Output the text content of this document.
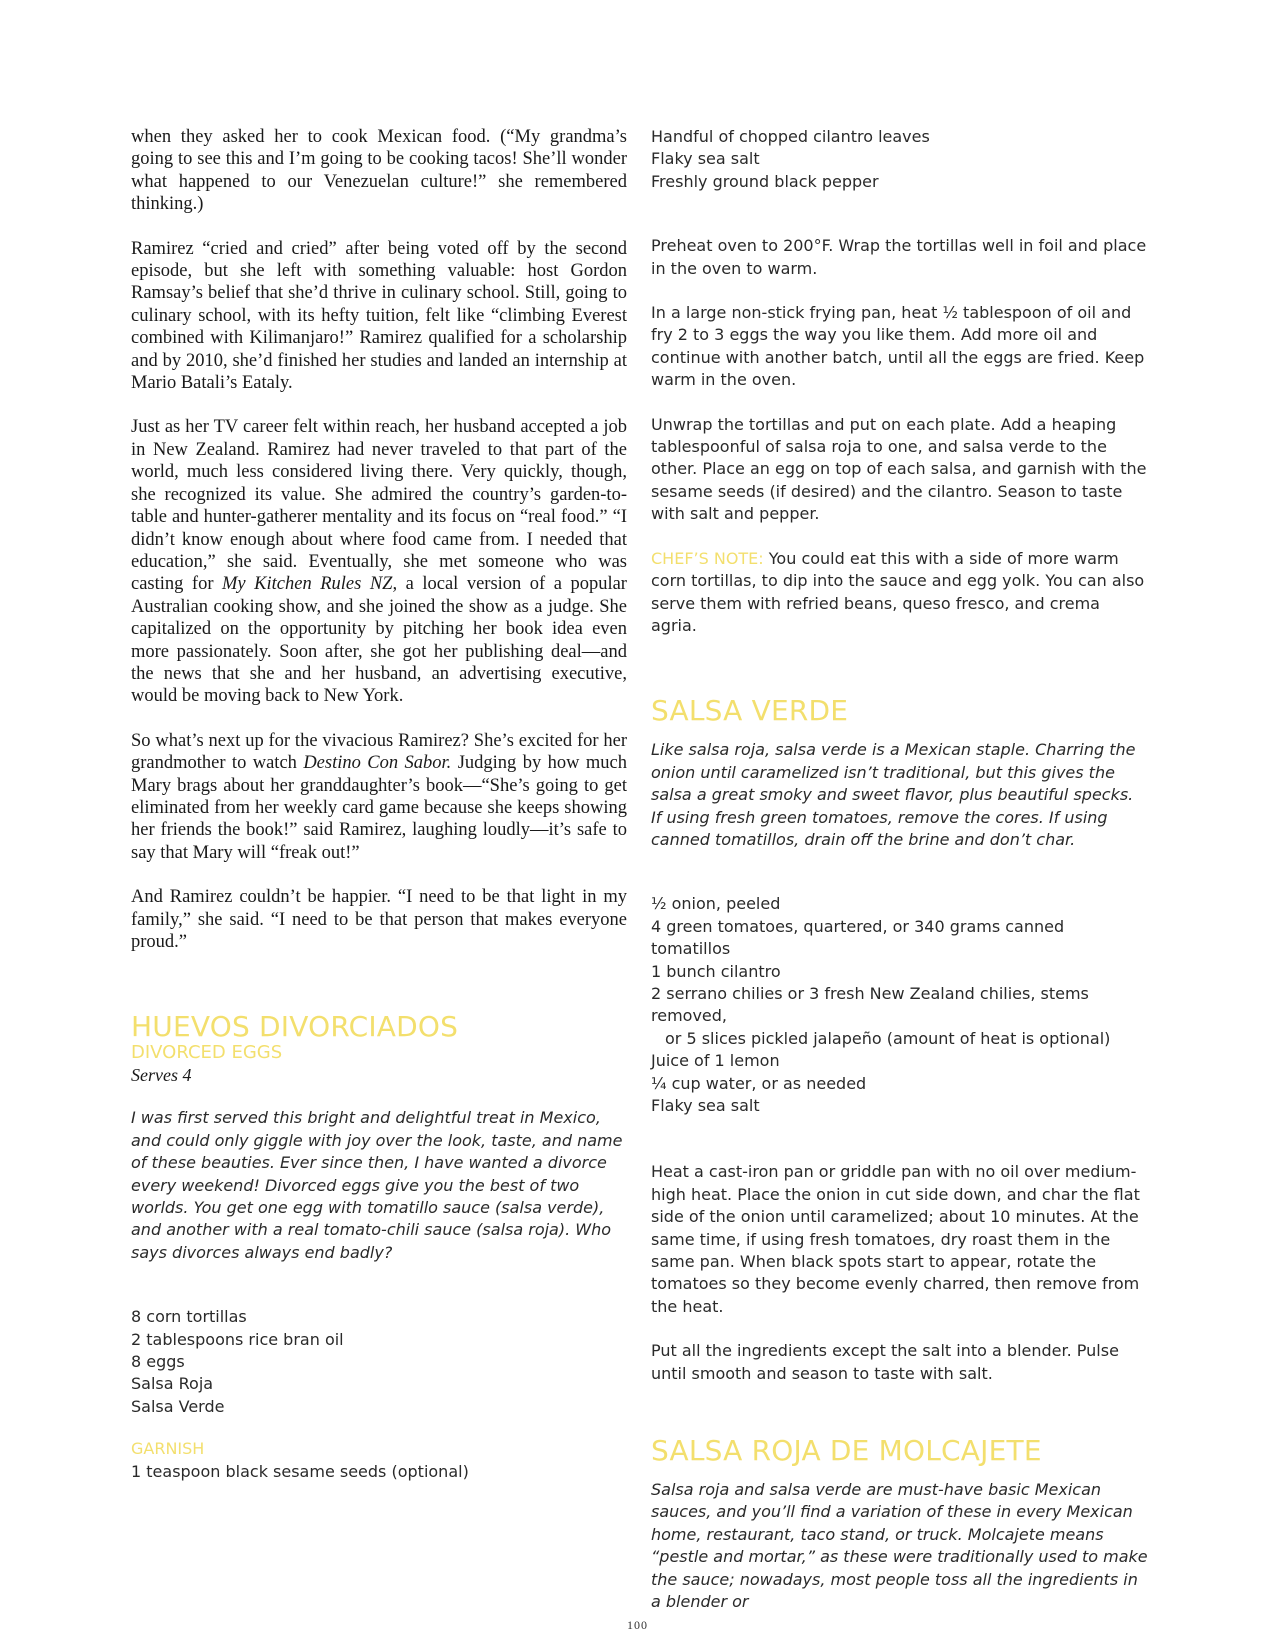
when they asked her to cook Mexican food. (“My grandma’s going to see this and I’m going to be cooking tacos! She’ll wonder what happened to our Venezuelan culture!” she remembered thinking.)

Ramirez “cried and cried” after being voted off by the second episode, but she left with something valuable: host Gordon Ramsay’s belief that she’d thrive in culinary school. Still, going to culinary school, with its hefty tuition, felt like “climbing Everest combined with Kilimanjaro!” Ramirez qualified for a scholarship and by 2010, she’d finished her studies and landed an internship at Mario Batali’s Eataly.

Just as her TV career felt within reach, her husband accepted a job in New Zealand. Ramirez had never traveled to that part of the world, much less considered living there. Very quickly, though, she recognized its value. She admired the country’s garden-to-table and hunter-gatherer mentality and its focus on “real food.” “I didn’t know enough about where food came from. I needed that education,” she said. Eventually, she met someone who was casting for My Kitchen Rules NZ, a local version of a popular Australian cooking show, and she joined the show as a judge. She capitalized on the opportunity by pitching her book idea even more passionately. Soon after, she got her publishing deal—and the news that she and her husband, an advertising executive, would be moving back to New York.

So what’s next up for the vivacious Ramirez? She’s excited for her grandmother to watch Destino Con Sabor. Judging by how much Mary brags about her granddaughter’s book—“She’s going to get eliminated from her weekly card game because she keeps showing her friends the book!” said Ramirez, laughing loudly—it’s safe to say that Mary will “freak out!”

And Ramirez couldn’t be happier. “I need to be that light in my family,” she said. “I need to be that person that makes everyone proud.”

HUEVOS DIVORCIADOS

DIVORCED EGGS

Serves 4

I was first served this bright and delightful treat in Mexico, and could only giggle with joy over the look, taste, and name of these beauties. Ever since then, I have wanted a divorce every weekend! Divorced eggs give you the best of two worlds. You get one egg with tomatillo sauce (salsa verde), and another with a real tomato-chili sauce (salsa roja). Who says divorces always end badly?

8 corn tortillas

2 tablespoons rice bran oil

8 eggs

Salsa Roja

Salsa Verde

GARNISH

1 teaspoon black sesame seeds (optional)

Handful of chopped cilantro leaves

Flaky sea salt

Freshly ground black pepper

Preheat oven to 200°F. Wrap the tortillas well in foil and place in the oven to warm.

In a large non-stick frying pan, heat ½ tablespoon of oil and fry 2 to 3 eggs the way you like them. Add more oil and continue with another batch, until all the eggs are fried. Keep warm in the oven.

Unwrap the tortillas and put on each plate. Add a heaping tablespoonful of salsa roja to one, and salsa verde to the other. Place an egg on top of each salsa, and garnish with the sesame seeds (if desired) and the cilantro. Season to taste with salt and pepper.

CHEF’S NOTE: You could eat this with a side of more warm corn tortillas, to dip into the sauce and egg yolk. You can also serve them with refried beans, queso fresco, and crema agria.

SALSA VERDE

Like salsa roja, salsa verde is a Mexican staple. Charring the onion until caramelized isn’t traditional, but this gives the salsa a great smoky and sweet flavor, plus beautiful specks. If using fresh green tomatoes, remove the cores. If using canned tomatillos, drain off the brine and don’t char.

½ onion, peeled

4 green tomatoes, quartered, or 340 grams canned tomatillos

1 bunch cilantro

2 serrano chilies or 3 fresh New Zealand chilies, stems removed,

or 5 slices pickled jalapeño (amount of heat is optional)

Juice of 1 lemon

¼ cup water, or as needed

Flaky sea salt

Heat a cast-iron pan or griddle pan with no oil over medium-high heat. Place the onion in cut side down, and char the flat side of the onion until caramelized; about 10 minutes. At the same time, if using fresh tomatoes, dry roast them in the same pan. When black spots start to appear, rotate the tomatoes so they become evenly charred, then remove from the heat.

Put all the ingredients except the salt into a blender. Pulse until smooth and season to taste with salt.

SALSA ROJA DE MOLCAJETE

Salsa roja and salsa verde are must-have basic Mexican sauces, and you’ll find a variation of these in every Mexican home, restaurant, taco stand, or truck. Molcajete means “pestle and mortar,” as these were traditionally used to make the sauce; nowadays, most people toss all the ingredients in a blender or

100
